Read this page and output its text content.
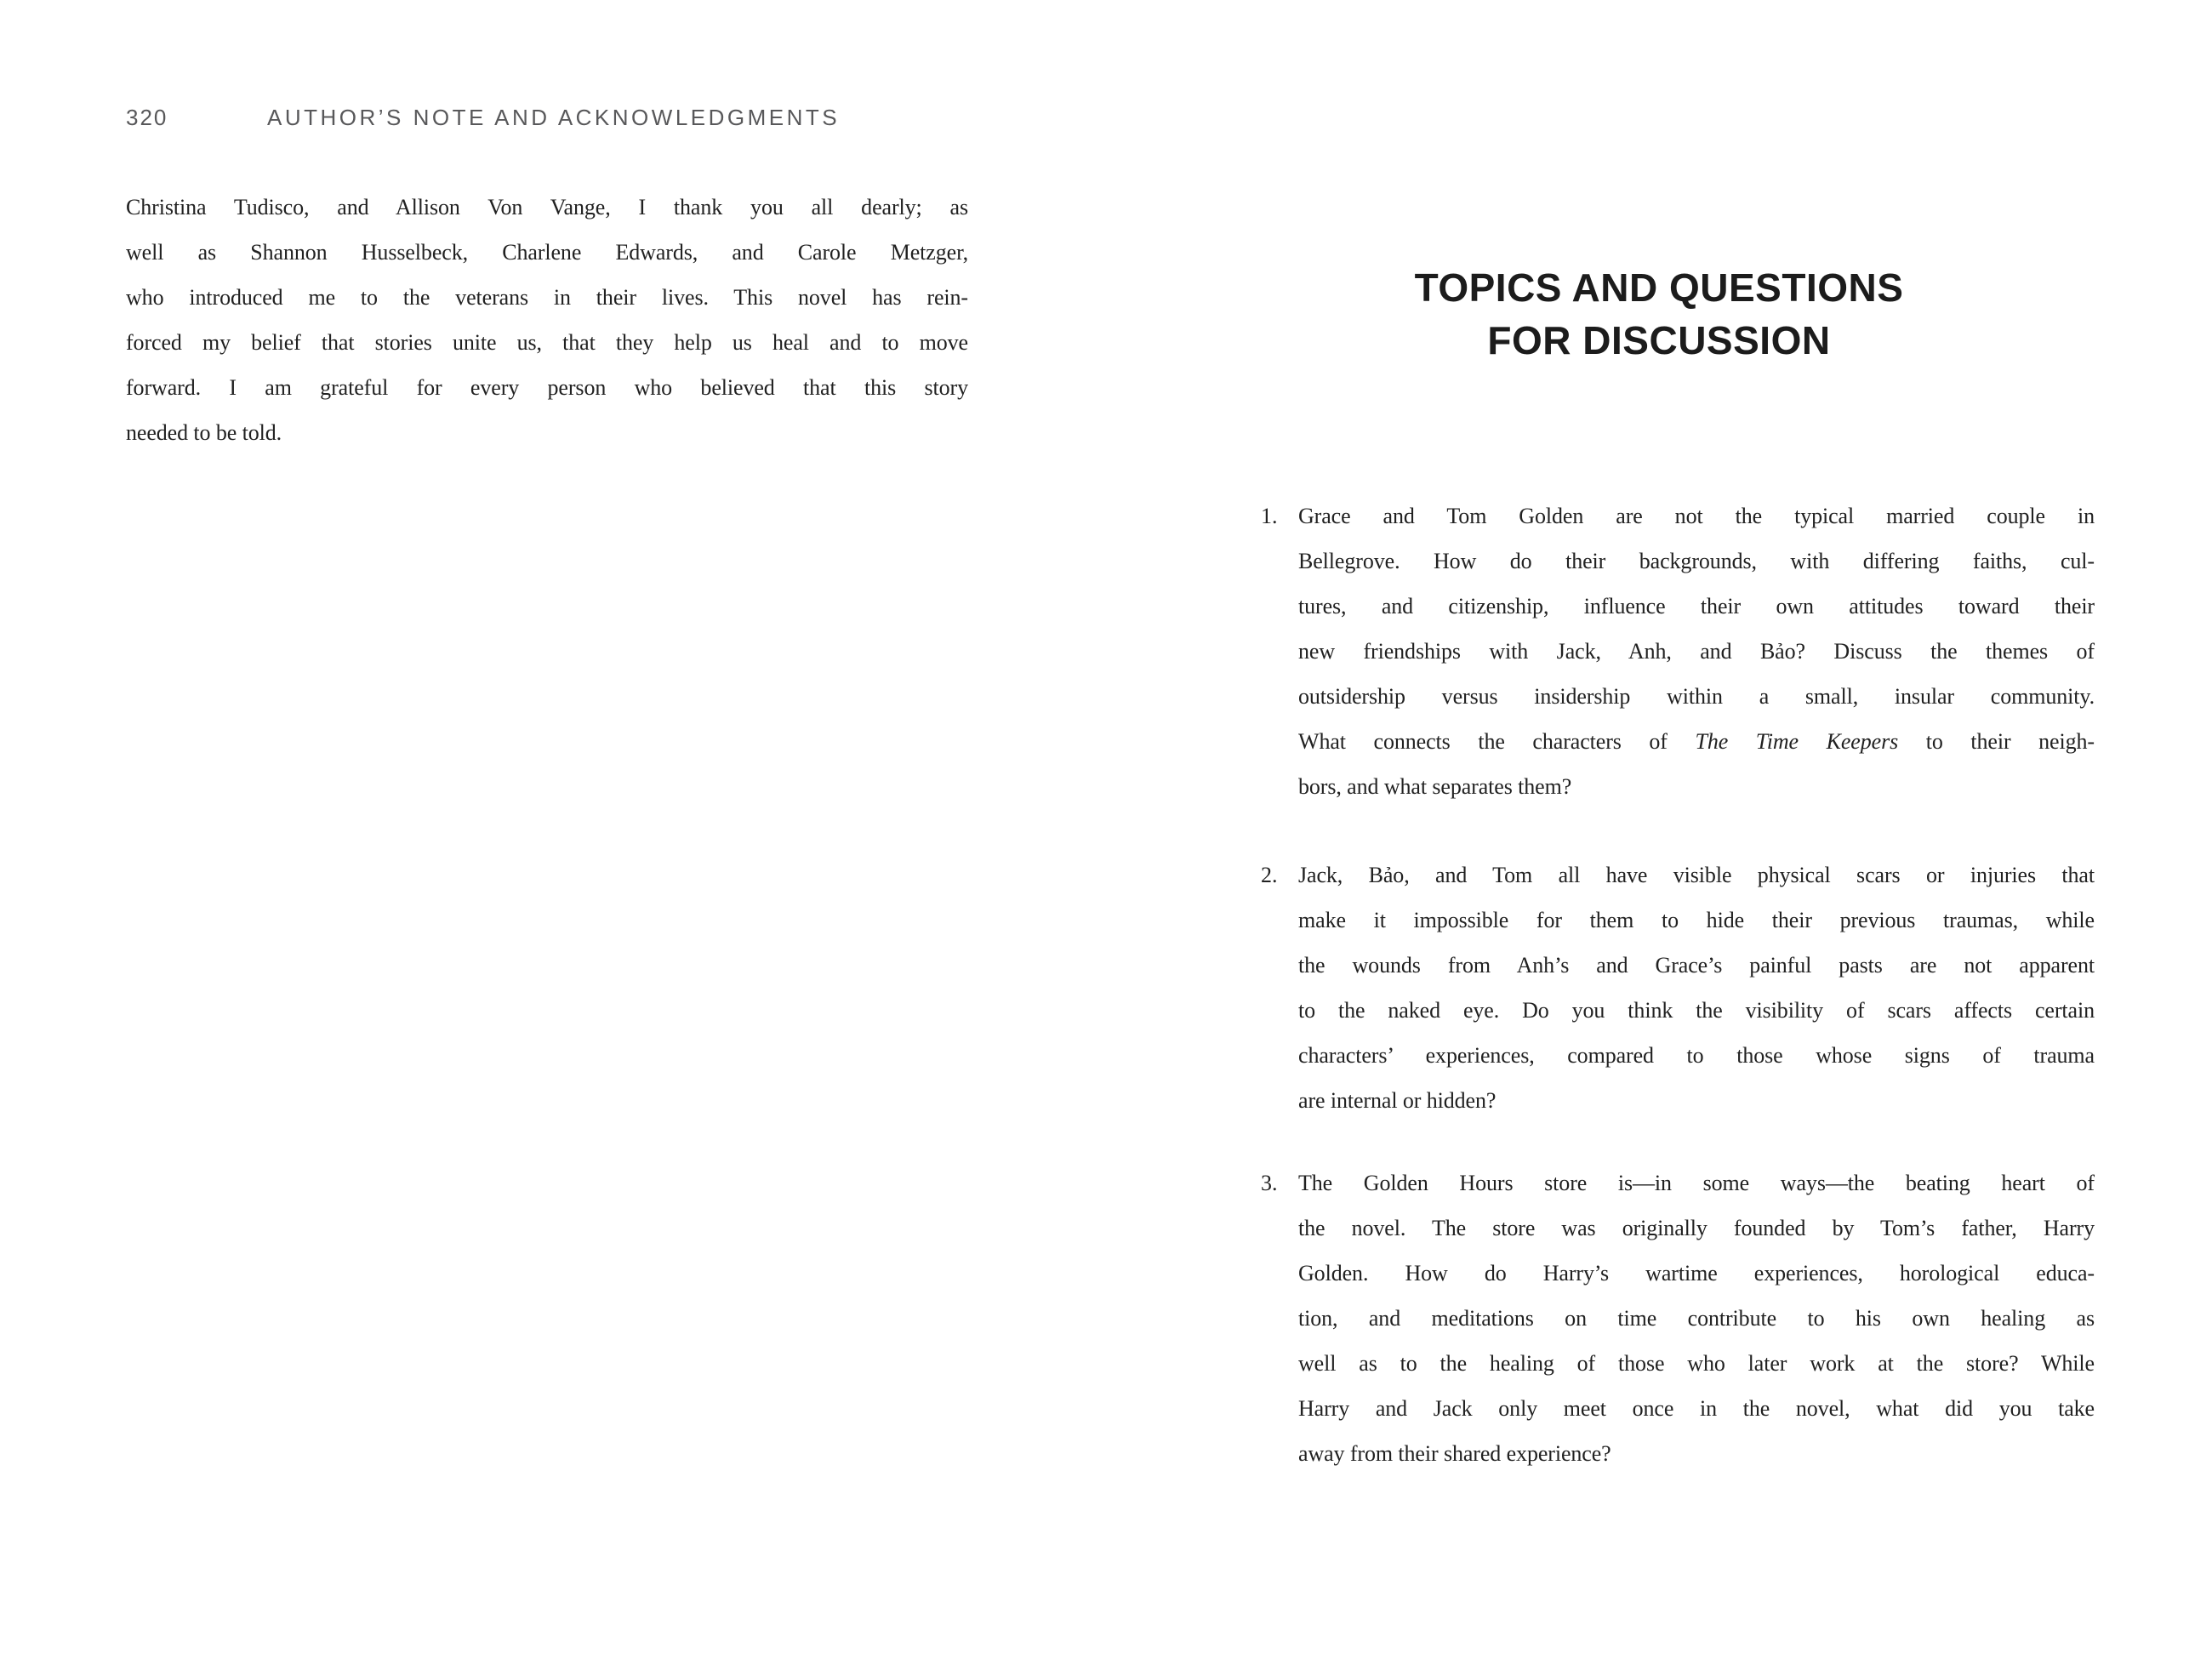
320	AUTHOR’S NOTE AND ACKNOWLEDGMENTS
Christina Tudisco, and Allison Von Vange, I thank you all dearly; as
well as Shannon Husselbeck, Charlene Edwards, and Carole Metzger,
who introduced me to the veterans in their lives. This novel has rein-
forced my belief that stories unite us, that they help us heal and to move
forward. I am grateful for every person who believed that this story
needed to be told.
TOPICS AND QUESTIONS
FOR DISCUSSION
1. Grace and Tom Golden are not the typical married couple in
Bellegrove. How do their backgrounds, with differing faiths, cul-
tures, and citizenship, influence their own attitudes toward their
new friendships with Jack, Anh, and Bảo? Discuss the themes of
outsidership versus insidership within a small, insular community.
What connects the characters of The Time Keepers to their neigh-
bors, and what separates them?
2. Jack, Bảo, and Tom all have visible physical scars or injuries that
make it impossible for them to hide their previous traumas, while
the wounds from Anh’s and Grace’s painful pasts are not apparent
to the naked eye. Do you think the visibility of scars affects certain
characters’ experiences, compared to those whose signs of trauma
are internal or hidden?
3. The Golden Hours store is—in some ways—the beating heart of
the novel. The store was originally founded by Tom’s father, Harry
Golden. How do Harry’s wartime experiences, horological educa-
tion, and meditations on time contribute to his own healing as
well as to the healing of those who later work at the store? While
Harry and Jack only meet once in the novel, what did you take
away from their shared experience?
